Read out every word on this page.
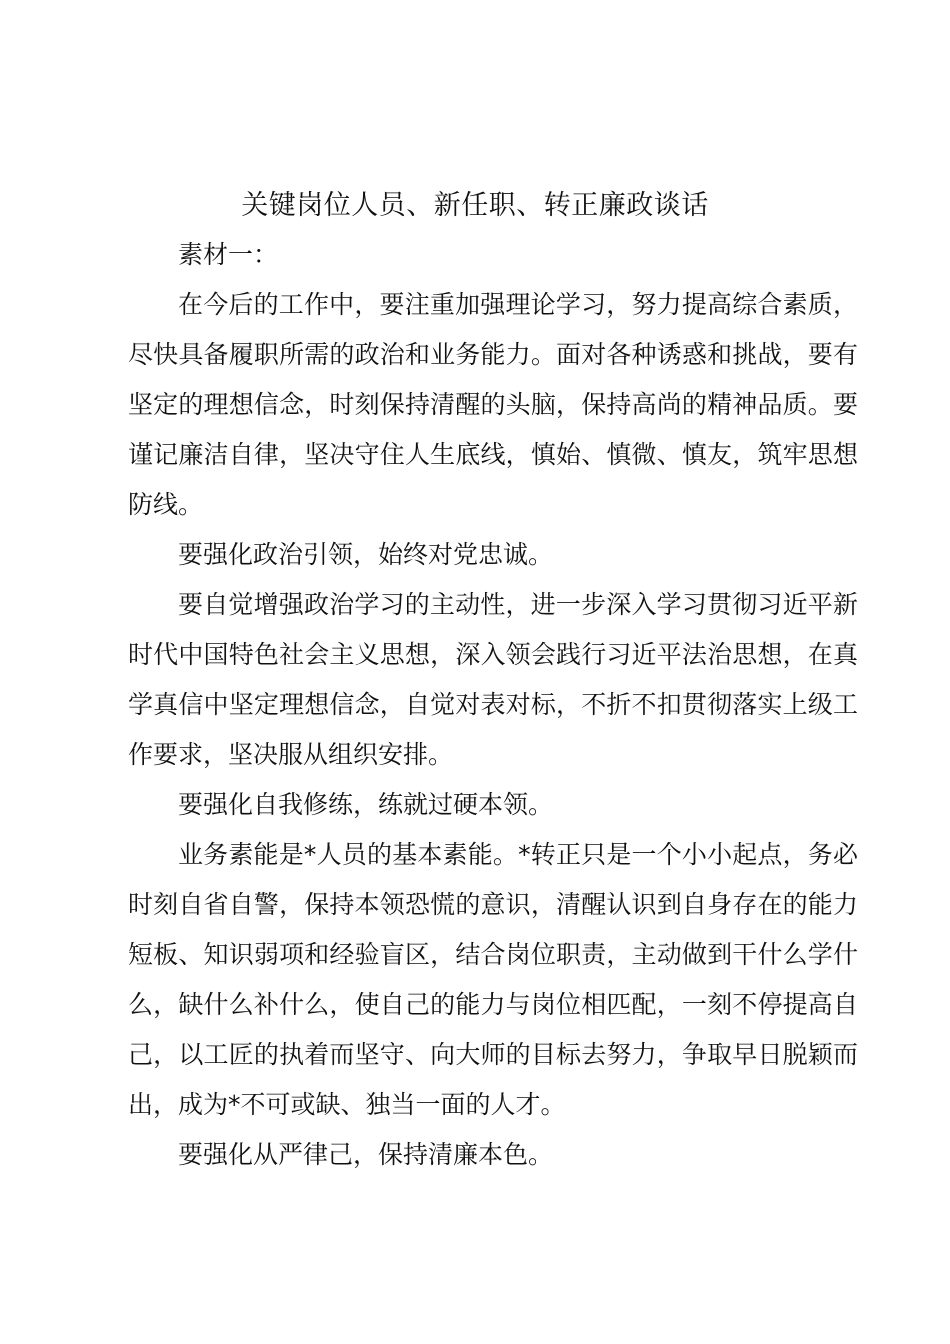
关键岗位人员、新任职、转正廉政谈话

素材一：

在今后的工作中，要注重加强理论学习，努力提高综合素质，尽快具备履职所需的政治和业务能力。面对各种诱惑和挑战，要有坚定的理想信念，时刻保持清醒的头脑，保持高尚的精神品质。要谨记廉洁自律，坚决守住人生底线，慎始、慎微、慎友，筑牢思想防线。

要强化政治引领，始终对党忠诚。

要自觉增强政治学习的主动性，进一步深入学习贯彻习近平新时代中国特色社会主义思想，深入领会践行习近平法治思想，在真学真信中坚定理想信念，自觉对表对标，不折不扣贯彻落实上级工作要求，坚决服从组织安排。

要强化自我修练，练就过硬本领。

业务素能是*人员的基本素能。*转正只是一个小小起点，务必时刻自省自警，保持本领恐慌的意识，清醒认识到自身存在的能力短板、知识弱项和经验盲区，结合岗位职责，主动做到干什么学什么，缺什么补什么，使自己的能力与岗位相匹配，一刻不停提高自己，以工匠的执着而坚守、向大师的目标去努力，争取早日脱颖而出，成为*不可或缺、独当一面的人才。

要强化从严律己，保持清廉本色。
